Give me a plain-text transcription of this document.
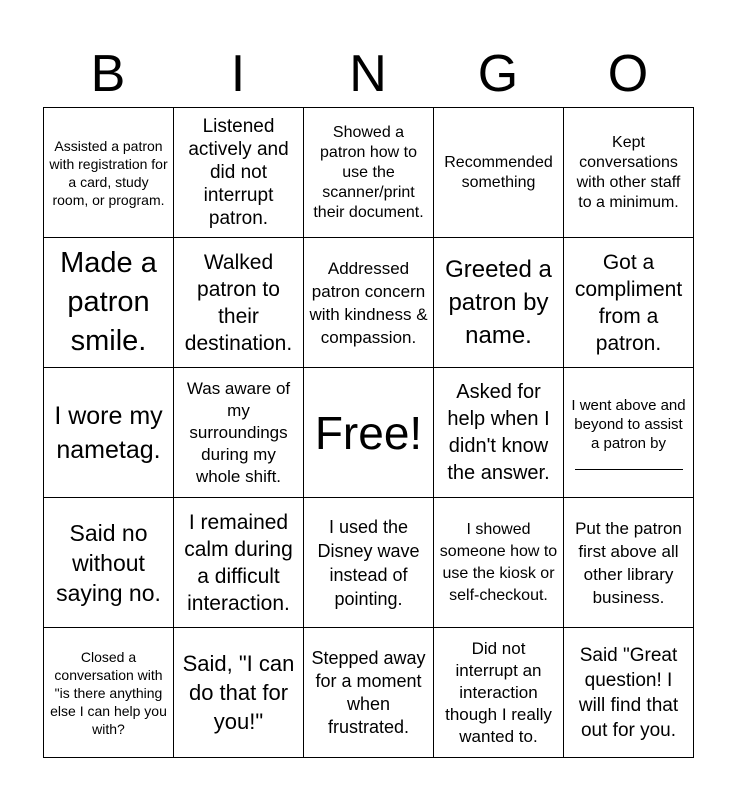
B	I	N	G	O
Assisted a patron with registration for a card, study room, or program.
Listened actively and did not interrupt patron.
Showed a patron how to use the scanner/print their document.
Recommended something
Kept conversations with other staff to a minimum.
Made a patron smile.
Walked patron to their destination.
Addressed patron concern with kindness & compassion.
Greeted a patron by name.
Got a compliment from a patron.
I wore my nametag.
Was aware of my surroundings during my whole shift.
Free!
Asked for help when I didn't know the answer.
I went above and beyond to assist a patron by
Said no without saying no.
I remained calm during a difficult interaction.
I used the Disney wave instead of pointing.
I showed someone how to use the kiosk or self-checkout.
Put the patron first above all other library business.
Closed a conversation with "is there anything else I can help you with?
Said, "I can do that for you!"
Stepped away for a moment when frustrated.
Did not interrupt an interaction though I really wanted to.
Said "Great question! I will find that out for you.
